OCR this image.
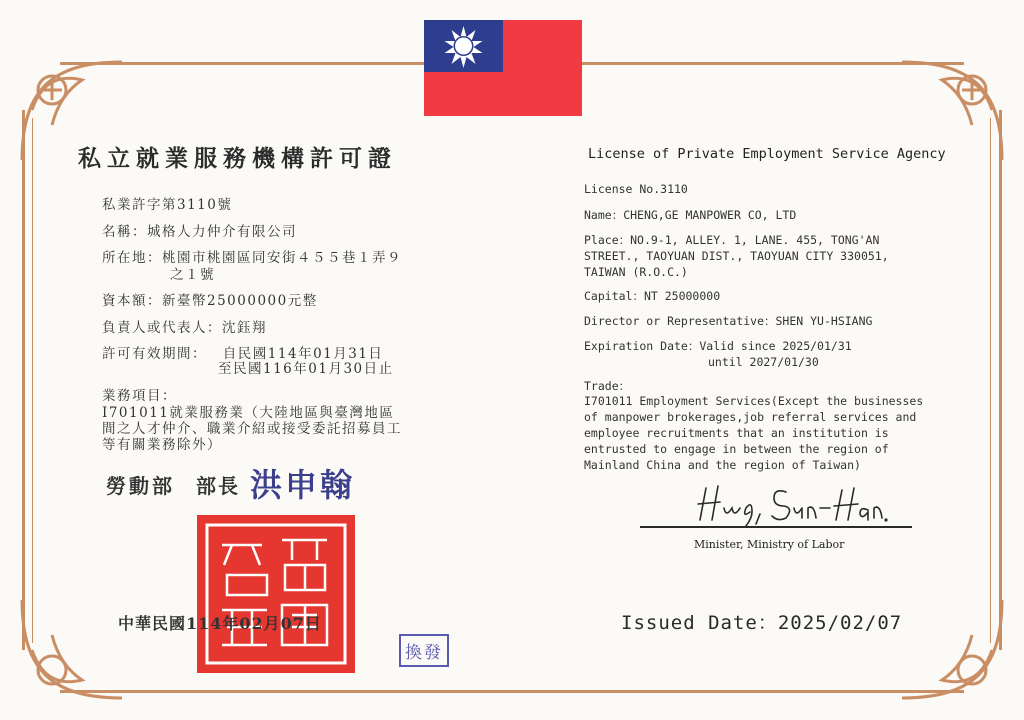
私立就業服務機構許可證
私業許字第3110號
名稱：城格人力仲介有限公司
所在地：桃園市桃園區同安街４５５巷１弄９
之１號
資本額：新臺幣25000000元整
負責人或代表人：沈鈺翔
許可有效期間： 自民國114年01月31日
至民國116年01月30日止
業務項目：
I701011就業服務業（大陸地區與臺灣地區
間之人才仲介、職業介紹或接受委託招募員工
等有關業務除外）
勞動部 部長 洪申翰
中華民國114年02月07日
換發
License of Private Employment Service Agency
License No.3110
Name：CHENG,GE MANPOWER CO, LTD
Place：NO.9-1, ALLEY. 1, LANE. 455, TONG'AN
STREET., TAOYUAN DIST., TAOYUAN CITY 330051,
TAIWAN (R.O.C.)
Capital：NT 25000000
Director or Representative：SHEN YU-HSIANG
Expiration Date：Valid since 2025/01/31
until 2027/01/30
Trade：
I701011 Employment Services(Except the businesses
of manpower brokerages,job referral services and
employee recruitments that an institution is
entrusted to engage in between the region of
Mainland China and the region of Taiwan)
Minister, Ministry of Labor
Issued Date：2025/02/07
